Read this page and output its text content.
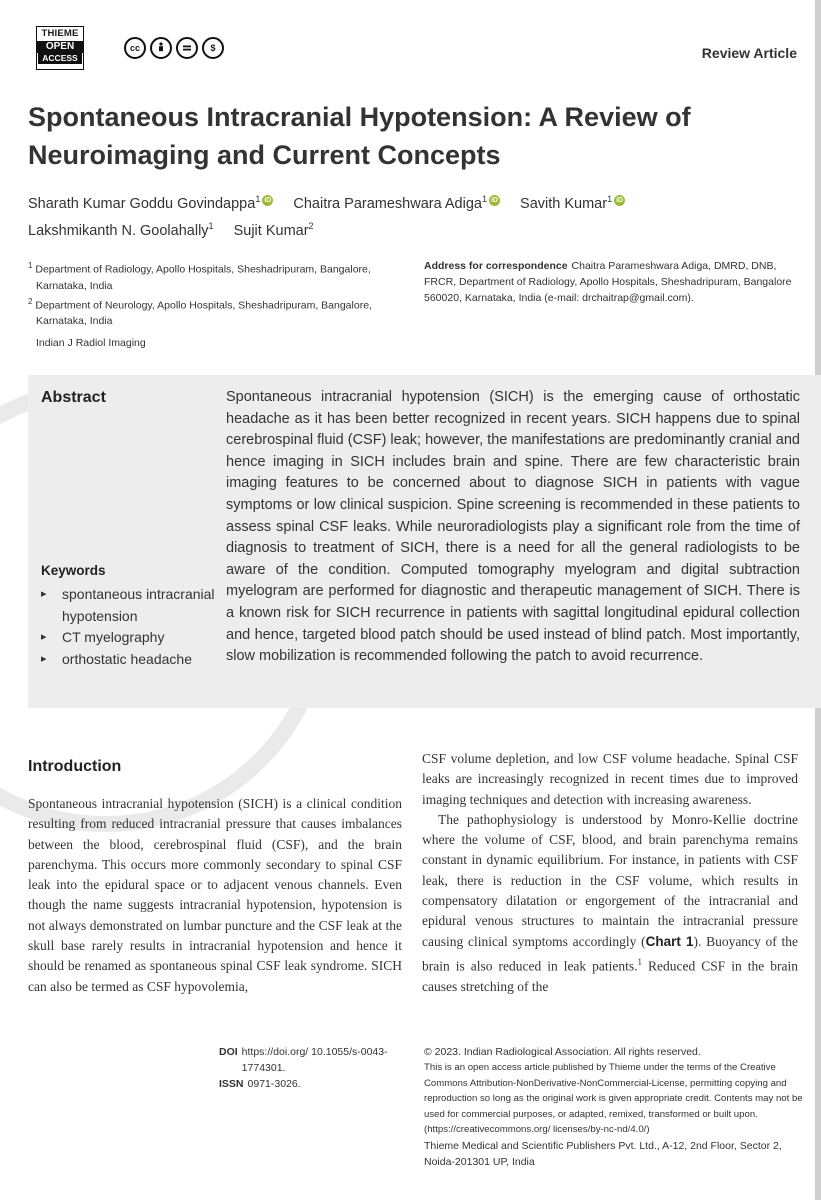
THIEME
OPEN
ACCESS
cc	$	Review Article
Spontaneous Intracranial Hypotension: A Review of Neuroimaging and Current Concepts
Sharath Kumar Goddu Govindappa$^1$ iD Chaitra Parameshwara Adiga$^1$ iD Savith Kumar$^1$ iD
Lakshmikanth N. Goolahally$^1$ Sujit Kumar$^2$
$^1$ Department of Radiology, Apollo Hospitals, Sheshadripuram, Bangalore, Karnataka, India
$^2$ Department of Neurology, Apollo Hospitals, Sheshadripuram, Bangalore, Karnataka, India
Address for correspondence Chaitra Parameshwara Adiga, DMRD, DNB, FRCR, Department of Radiology, Apollo Hospitals, Sheshadripuram, Bangalore 560020, Karnataka, India (e-mail: drchaitrap@gmail.com).
Indian J Radiol Imaging
Abstract	Spontaneous intracranial hypotension (SICH) is the emerging cause of orthostatic headache as it has been better recognized in recent years. SICH happens due to spinal cerebrospinal fluid (CSF) leak; however, the manifestations are predominantly cranial and hence imaging in SICH includes brain and spine. There are few characteristic brain imaging features to be concerned about to diagnose SICH in patients with vague symptoms or low clinical suspicion. Spine screening is recommended in these patients to assess spinal CSF leaks. While neuroradiologists play a significant role from the time of diagnosis to treatment of SICH, there is a need for all the general radiologists to be aware of the condition. Computed tomography myelogram and digital subtraction myelogram are performed for diagnostic and therapeutic management of SICH. There is a known risk for SICH recurrence in patients with sagittal longitudinal epidural collection and hence, targeted blood patch should be used instead of blind patch. Most importantly, slow mobilization is recommended following the patch to avoid recurrence.
Keywords
▸ spontaneous intracranial hypotension
▸ CT myelography
▸ orthostatic headache
Introduction

Spontaneous intracranial hypotension (SICH) is a clinical condition resulting from reduced intracranial pressure that causes imbalances between the blood, cerebrospinal fluid (CSF), and the brain parenchyma. This occurs more commonly secondary to spinal CSF leak into the epidural space or to adjacent venous channels. Even though the name suggests intracranial hypotension, hypotension is not always demonstrated on lumbar puncture and the CSF leak at the skull base rarely results in intracranial hypotension and hence it should be renamed as spontaneous spinal CSF leak syndrome. SICH can also be termed as CSF hypovolemia,

CSF volume depletion, and low CSF volume headache. Spinal CSF leaks are increasingly recognized in recent times due to improved imaging techniques and detection with increasing awareness.

The pathophysiology is understood by Monro-Kellie doctrine where the volume of CSF, blood, and brain parenchyma remains constant in dynamic equilibrium. For instance, in patients with CSF leak, there is reduction in the CSF volume, which results in compensatory dilatation or engorgement of the intracranial and epidural venous structures to maintain the intracranial pressure causing clinical symptoms accordingly (Chart 1). Buoyancy of the brain is also reduced in leak patients.$^1$ Reduced CSF in the brain causes stretching of the

DOI https://doi.org/ 10.1055/s-0043-1774301.
ISSN 0971-3026.
© 2023. Indian Radiological Association. All rights reserved.
This is an open access article published by Thieme under the terms of the Creative Commons Attribution-NonDerivative-NonCommercial-License, permitting copying and reproduction so long as the original work is given appropriate credit. Contents may not be used for commercial purposes, or adapted, remixed, transformed or built upon. (https://creativecommons.org/ licenses/by-nc-nd/4.0/)
Thieme Medical and Scientific Publishers Pvt. Ltd., A-12, 2nd Floor, Sector 2, Noida-201301 UP, India
